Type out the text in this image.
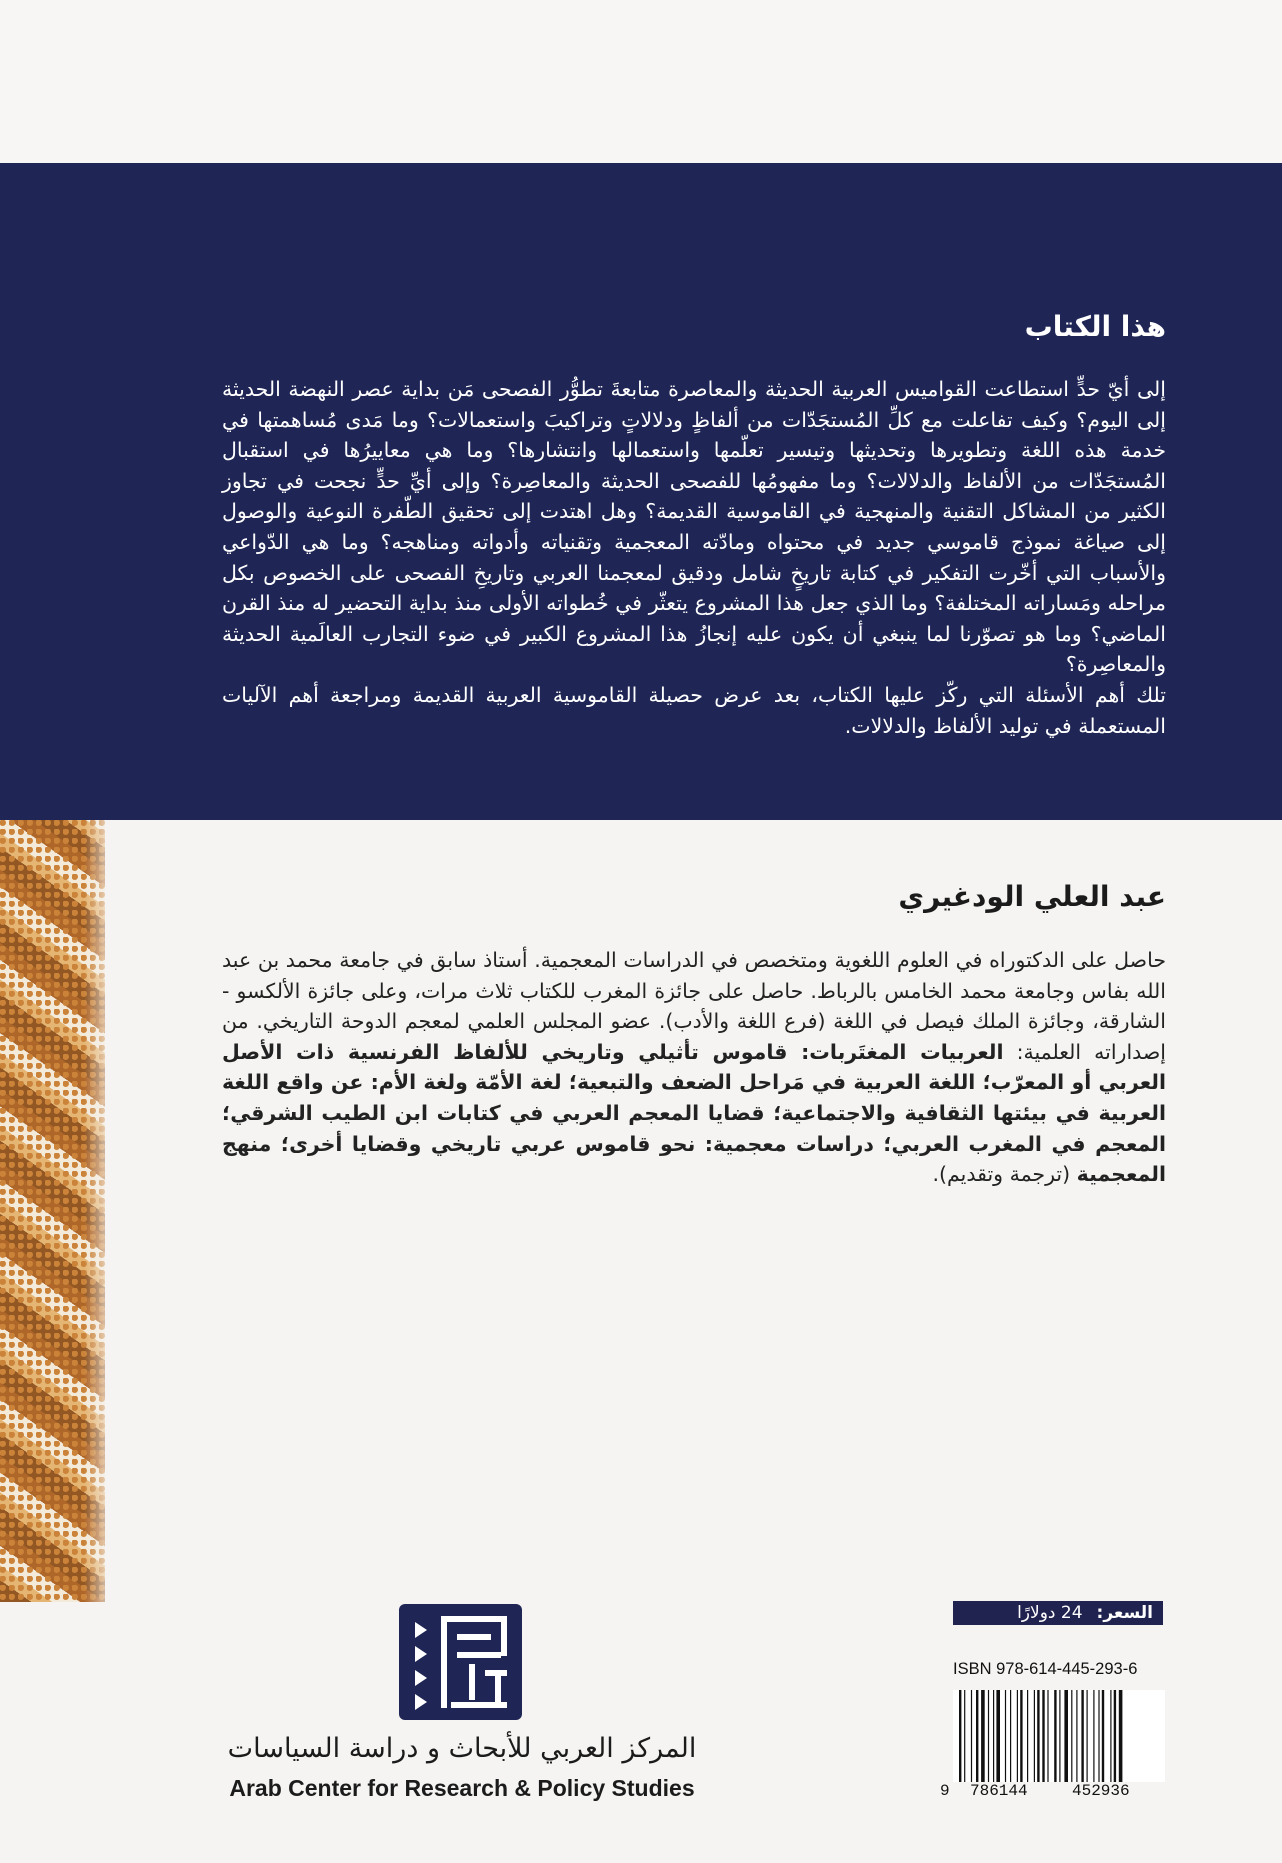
هذا الكتاب

إلى أيّ حدٍّ استطاعت القواميس العربية الحديثة والمعاصرة متابعةَ تطوُّر الفصحى مَن بداية عصر النهضة الحديثة إلى اليوم؟ وكيف تفاعلت مع كلِّ المُستجَدّات من ألفاظٍ ودلالاتٍ وتراكيبَ واستعمالات؟ وما مَدى مُساهمتها في خدمة هذه اللغة وتطويرها وتحديثها وتيسير تعلّمها واستعمالها وانتشارها؟ وما هي معاييرُها في استقبال المُستجَدّات من الألفاظ والدلالات؟ وما مفهومُها للفصحى الحديثة والمعاصِرة؟ وإلى أيِّ حدٍّ نجحت في تجاوز الكثير من المشاكل التقنية والمنهجية في القاموسية القديمة؟ وهل اهتدت إلى تحقيق الطّفرة النوعية والوصول إلى صياغة نموذج قاموسي جديد في محتواه ومادّته المعجمية وتقنياته وأدواته ومناهجه؟ وما هي الدّواعي والأسباب التي أخّرت التفكير في كتابة تاريخٍ شامل ودقيق لمعجمنا العربي وتاريخِ الفصحى على الخصوص بكل مراحله ومَساراته المختلفة؟ وما الذي جعل هذا المشروع يتعثّر في خُطواته الأولى منذ بداية التحضير له منذ القرن الماضي؟ وما هو تصوّرنا لما ينبغي أن يكون عليه إنجازُ هذا المشروع الكبير في ضوء التجارب العالَمية الحديثة والمعاصِرة؟

تلك أهم الأسئلة التي ركّز عليها الكتاب، بعد عرض حصيلة القاموسية العربية القديمة ومراجعة أهم الآليات المستعملة في توليد الألفاظ والدلالات.

عبد العلي الودغيري

حاصل على الدكتوراه في العلوم اللغوية ومتخصص في الدراسات المعجمية. أستاذ سابق في جامعة محمد بن عبد الله بفاس وجامعة محمد الخامس بالرباط. حاصل على جائزة المغرب للكتاب ثلاث مرات، وعلى جائزة الألكسو - الشارقة، وجائزة الملك فيصل في اللغة (فرع اللغة والأدب). عضو المجلس العلمي لمعجم الدوحة التاريخي. من إصداراته العلمية: العربيات المغتَربات: قاموس تأثيلي وتاريخي للألفاظ الفرنسية ذات الأصل العربي أو المعرّب؛ اللغة العربية في مَراحل الضعف والتبعية؛ لغة الأمّة ولغة الأم: عن واقع اللغة العربية في بيئتها الثقافية والاجتماعية؛ قضايا المعجم العربي في كتابات ابن الطيب الشرقي؛ المعجم في المغرب العربي؛ دراسات معجمية: نحو قاموس عربي تاريخي وقضايا أخرى؛ منهج المعجمية (ترجمة وتقديم).

السعر:
24 دولارًا
ISBN 978-614-445-293-6
9 786144	452936
المركز العربي للأبحاث و دراسة السياسات
Arab Center for Research & Policy Studies
